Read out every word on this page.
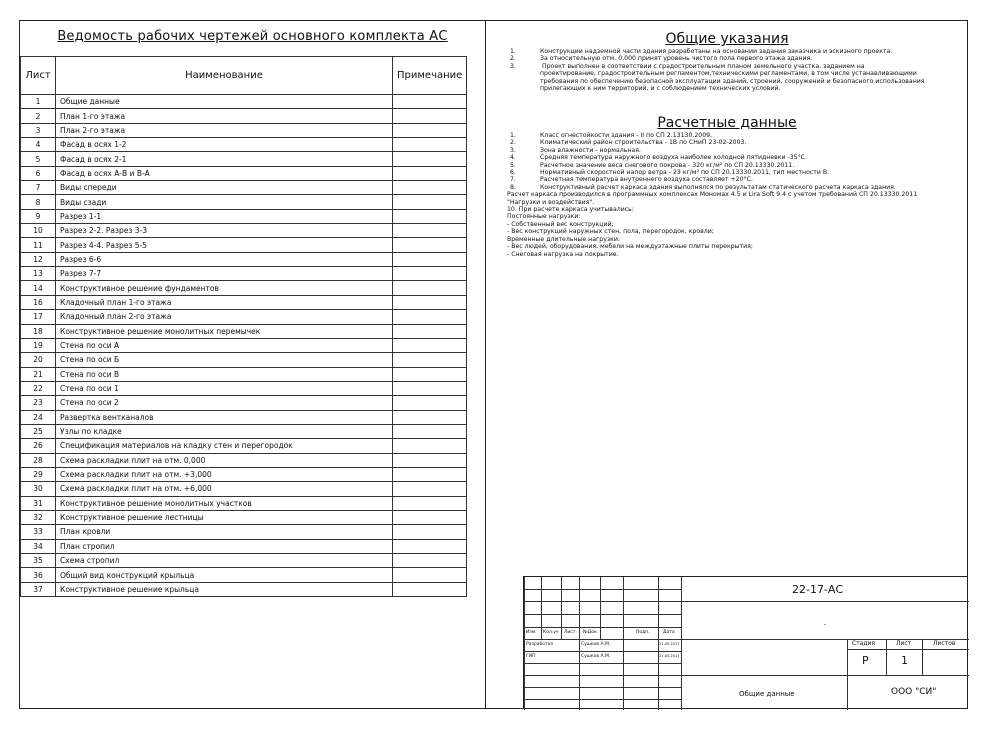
Ведомость рабочих чертежей основного комплекта АС
Лист	Наименование	Примечание
1	Общие данные	
2	План 1-го этажа	
3	План 2-го этажа	
4	Фасад в осях 1-2	
5	Фасад в осях 2-1	
6	Фасад в осях А-В и В-А	
7	Виды спереди	
8	Виды сзади	
9	Разрез 1-1	
10	Разрез 2-2. Разрез 3-3	
11	Разрез 4-4. Разрез 5-5	
12	Разрез 6-6	
13	Разрез 7-7	
14	Конструктивное решение фундаментов	
16	Кладочный план 1-го этажа	
17	Кладочный план 2-го этажа	
18	Конструктивное решение монолитных перемычек	
19	Стена по оси А	
20	Стена по оси Б	
21	Стена по оси В	
22	Стена по оси 1	
23	Стена по оси 2	
24	Развертка вентканалов	
25	Узлы по кладке	
26	Спецификация материалов на кладку стен и перегородок	
28	Схема раскладки плит на отм. 0,000	
29	Схема раскладки плит на отм. +3,000	
30	Схема раскладки плит на отм. +6,000	
31	Конструктивное решение монолитных участков	
32	Конструктивное решение лестницы	
33	План кровли	
34	План стропил	
35	Схема стропил	
36	Общий вид конструкций крыльца	
37	Конструктивное решение крыльца	
Общие указания
1.	Конструкции надземной части здания разработаны на основании задания заказчика и эскизного проекта.
2.	За относительную отм. 0,000 принят уровень чистого пола первого этажа здания.
3.	Проект выполнен в соответствии с градостроительным планом земельного участка, заданием на
проектирование, градостроительным регламентом,техническими регламентами, в том числе устанавливающими
требования по обеспечению безопасной эксплуатации зданий, строений, сооружений и безопасного использования
прилегающих к ним территорий, и с соблюдением технических условий.
Расчетные данные
1.	Класс огнестойкости здания - II по СП 2.13130.2009.
2.	Климатический район строительства - 1В по СНиП 23-02-2003.
3.	Зона влажности - нормальная.
4.	Средняя температура наружного воздуха наиболее холодной пятидневки -35°С.
5.	Расчетное значение веса снегового покрова - 320 кг/м² по СП 20.13330.2011.
6.	Нормативный скоростной напор ветра - 23 кг/м² по СП 20.13330.2011, тип местности В.
7.	Расчетная температура внутреннего воздуха составляет +20°С.
8.	Конструктивный расчет каркаса здания выполнялся по результатам статического расчета каркаса здания.
Расчет каркаса производился в программных комплексах Мономах 4.5 и Lira Soft 9.4 с учетом требований СП 20.13330.2011
"Нагрузки и воздействия".
10. При расчете каркаса учитывались:
Постоянные нагрузки:
- Собственный вес конструкций;
- Вес конструкций наружных стен, пола, перегородок, кровли;
Временные длительные нагрузки:
- Вес людей, оборудования, мебели на междуэтажные плиты перекрытия;
- Снеговая нагрузка на покрытие.
Изм. Кол.уч Лист №Док.	Подп.	Дата
Разработал	Сушков А.М.	21.05.2017
ГИП	Сушков А.М.	21.05.2017
22-17-АС
-
Стадия	Лист	Листов
Р	1
Общие данные	ООО "СИ"
